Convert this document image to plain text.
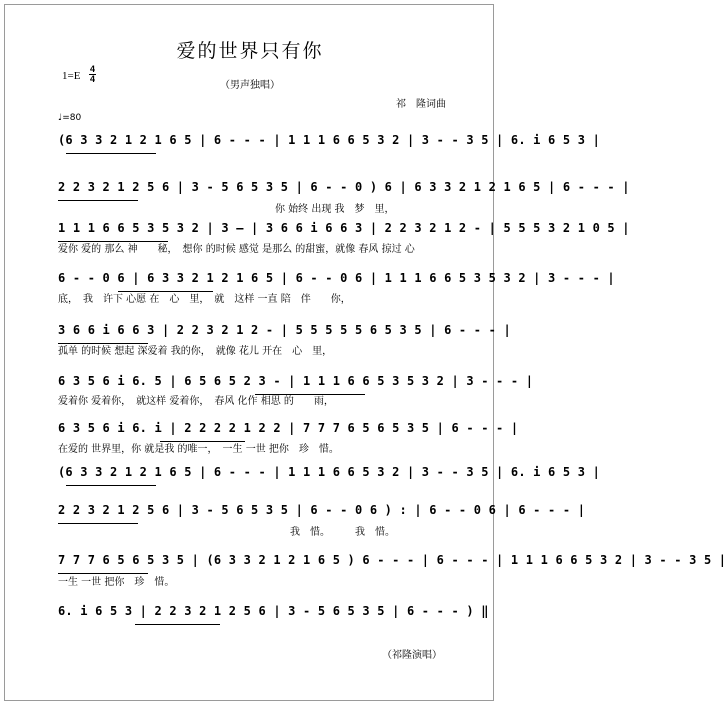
爱的世界只有你
1=E
4
4
（男声独唱）
祁　隆词曲
♩=80
(6 3 3 2 1 2 1 6 5 | 6 - - - | 1 1 1 6 6 5 3 2 | 3 - - 3 5 | 6. i 6 5 3 |
2 2 3 2 1 2 5 6 | 3 - 5 6 5 3 5 | 6 - - 0 ) 6 | 6 3 3 2 1 2 1 6 5 | 6 - - - |
你 始终 出现 我　梦　里，
1 1 1 6 6 5 3 5 3 2 | 3 — | 3 6 6 i 6 6 3 | 2 2 3 2 1 2 - | 5 5 5 3 2 1 0 5 |
爱你 爱的 那么 神　　秘，　想你 的时候 感觉 是那么 的甜蜜，就像 春风 掠过 心
6 - - 0 6 | 6 3 3 2 1 2 1 6 5 | 6 - - 0 6 | 1 1 1 6 6 5 3 5 3 2 | 3 - - - |
底，　我　许下 心愿 在　心　里，　就　这样 一直 陪　伴　　你，
3 6 6 i 6 6 3 | 2 2 3 2 1 2 - | 5 5 5 5 5 6 5 3 5 | 6 - - - |
孤单 的时候 想起 深爱着 我的你，　就像 花儿 开在　心　里，
6 3 5 6 i 6. 5 | 6 5 6 5 2 3 - | 1 1 1 6 6 5 3 5 3 2 | 3 - - - |
爱着你 爱着你，　就这样 爱着你，　春风 化作 相思 的　　雨，
6 3 5 6 i 6. i | 2 2 2 2 1 2 2 | 7 7 7 6 5 6 5 3 5 | 6 - - - |
在爱的 世界里，你 就是我 的唯一，　一生 一世 把你　珍　惜。
(6 3 3 2 1 2 1 6 5 | 6 - - - | 1 1 1 6 6 5 3 2 | 3 - - 3 5 | 6. i 6 5 3 |
2 2 3 2 1 2 5 6 | 3 - 5 6 5 3 5 | 6 - - 0 6 ) : | 6 - - 0 6 | 6 - - - |
我　惜。　　　我　惜。
7 7 7 6 5 6 5 3 5 | (6 3 3 2 1 2 1 6 5 ) 6 - - - | 6 - - - | 1 1 1 6 6 5 3 2 | 3 - - 3 5 |
一生 一世 把你　珍　惜。
6. i 6 5 3 | 2 2 3 2 1 2 5 6 | 3 - 5 6 5 3 5 | 6 - - - ) ‖
（祁隆演唱）
